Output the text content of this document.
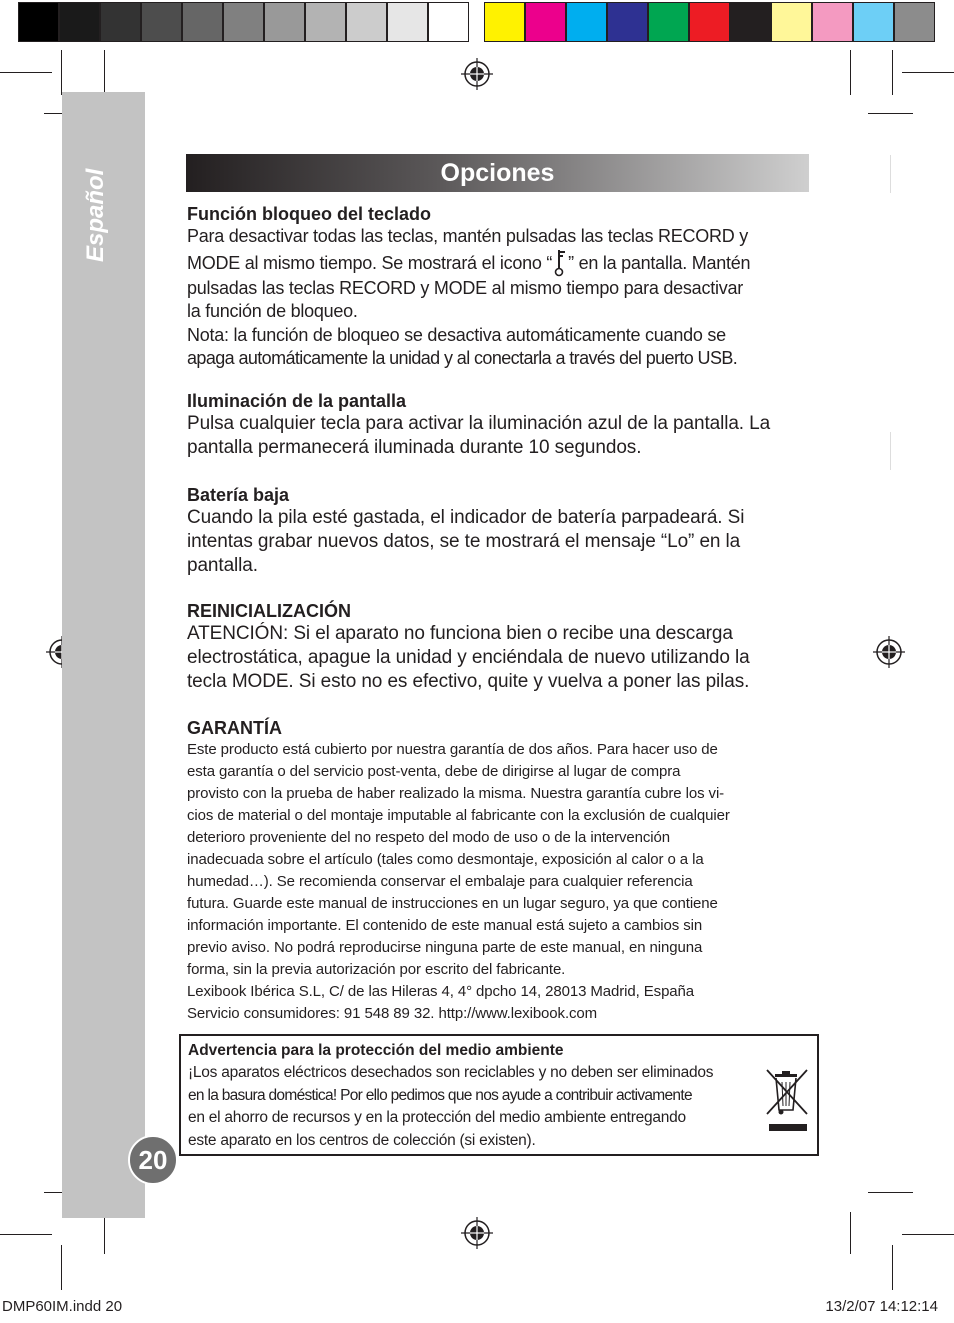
Español
20
Opciones
Función bloqueo del teclado
Para desactivar todas las teclas, mantén pulsadas las teclas RECORD y
MODE al mismo tiempo. Se mostrará el icono “ ” en la pantalla. Mantén
pulsadas las teclas RECORD y MODE al mismo tiempo para desactivar
la función de bloqueo.
Nota: la función de bloqueo se desactiva automáticamente cuando se
apaga automáticamente la unidad y al conectarla a través del puerto USB.
Iluminación de la pantalla
Pulsa cualquier tecla para activar la iluminación azul de la pantalla. La
pantalla permanecerá iluminada durante 10 segundos.
Batería baja
Cuando la pila esté gastada, el indicador de batería parpadeará. Si
intentas grabar nuevos datos, se te mostrará el mensaje “Lo” en la
pantalla.
REINICIALIZACIÓN
ATENCIÓN: Si el aparato no funciona bien o recibe una descarga
electrostática, apague la unidad y enciéndala de nuevo utilizando la
tecla MODE. Si esto no es efectivo, quite y vuelva a poner las pilas.
GARANTÍA
Este producto está cubierto por nuestra garantía de dos años. Para hacer uso de
esta garantía o del servicio post-venta, debe de dirigirse al lugar de compra
provisto con la prueba de haber realizado la misma. Nuestra garantía cubre los vi-
cios de material o del montaje imputable al fabricante con la exclusión de cualquier
deterioro proveniente del no respeto del modo de uso o de la intervención
inadecuada sobre el artículo (tales como desmontaje, exposición al calor o a la
humedad…). Se recomienda conservar el embalaje para cualquier referencia
futura. Guarde este manual de instrucciones en un lugar seguro, ya que contiene
información importante. El contenido de este manual está sujeto a cambios sin
previo aviso. No podrá reproducirse ninguna parte de este manual, en ninguna
forma, sin la previa autorización por escrito del fabricante.
Lexibook Ibérica S.L, C/ de las Hileras 4, 4° dpcho 14, 28013 Madrid, España
Servicio consumidores: 91 548 89 32. http://www.lexibook.com
Advertencia para la protección del medio ambiente
¡Los aparatos eléctricos desechados son reciclables y no deben ser eliminados
en la basura doméstica! Por ello pedimos que nos ayude a contribuir activamente
en el ahorro de recursos y en la protección del medio ambiente entregando
este aparato en los centros de colección (si existen).
DMP60IM.indd 20	13/2/07 14:12:14
